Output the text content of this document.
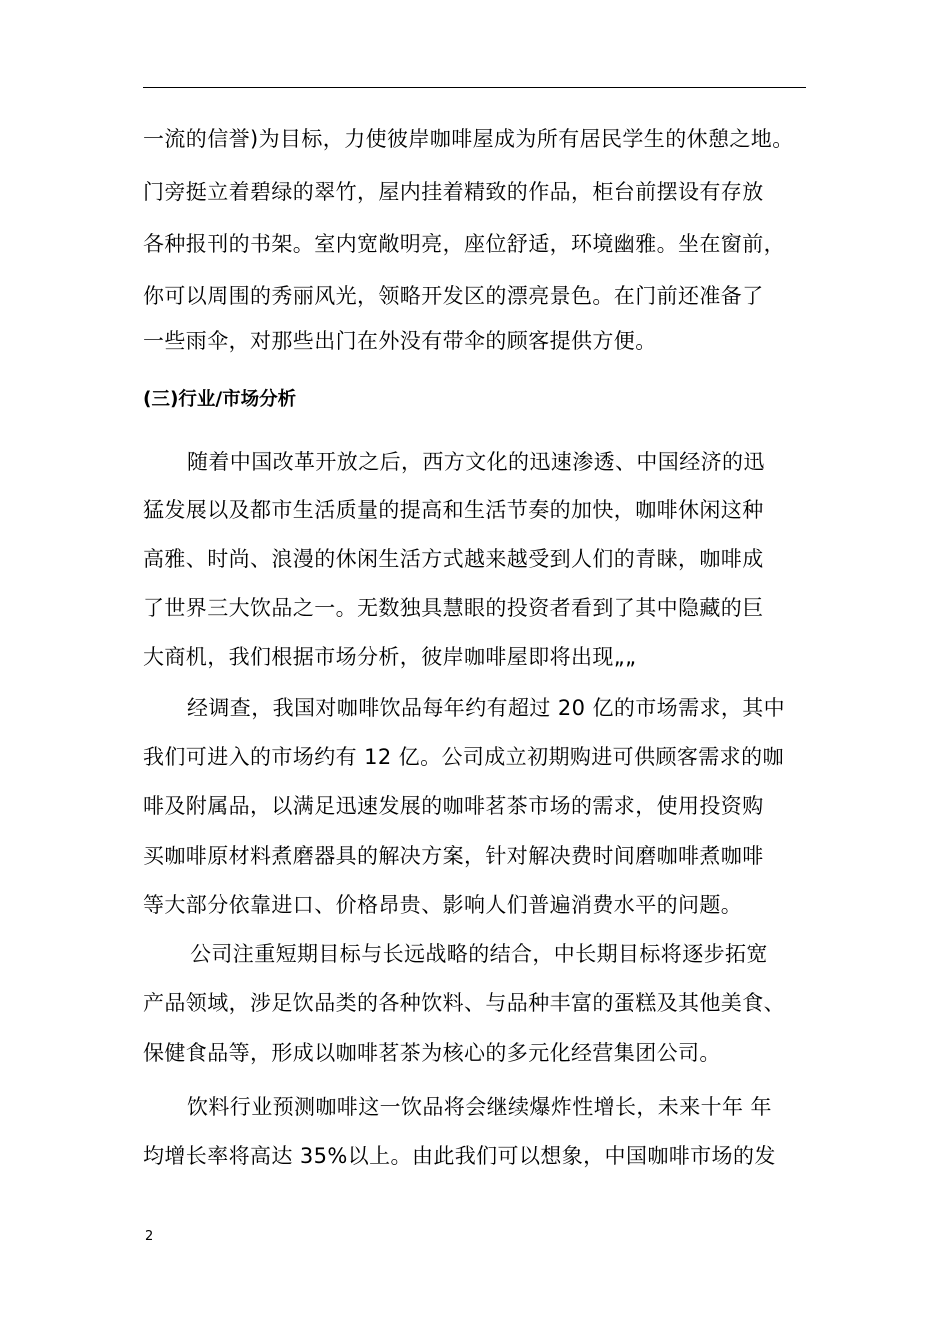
一流的信誉)为目标，力使彼岸咖啡屋成为所有居民学生的休憩之地。
门旁挺立着碧绿的翠竹，屋内挂着精致的作品，柜台前摆设有存放
各种报刊的书架。室内宽敞明亮，座位舒适，环境幽雅。坐在窗前，
你可以周围的秀丽风光，领略开发区的漂亮景色。在门前还准备了
一些雨伞，对那些出门在外没有带伞的顾客提供方便。
(三)行业/市场分析
随着中国改革开放之后，西方文化的迅速渗透、中国经济的迅
猛发展以及都市生活质量的提高和生活节奏的加快，咖啡休闲这种
高雅、时尚、浪漫的休闲生活方式越来越受到人们的青睐，咖啡成
了世界三大饮品之一。无数独具慧眼的投资者看到了其中隐藏的巨
大商机，我们根据市场分析，彼岸咖啡屋即将出现„„
经调查，我国对咖啡饮品每年约有超过 20 亿的市场需求，其中
我们可进入的市场约有 12 亿。公司成立初期购进可供顾客需求的咖
啡及附属品，以满足迅速发展的咖啡茗茶市场的需求，使用投资购
买咖啡原材料煮磨器具的解决方案，针对解决费时间磨咖啡煮咖啡
等大部分依靠进口、价格昂贵、影响人们普遍消费水平的问题。
公司注重短期目标与长远战略的结合，中长期目标将逐步拓宽
产品领域，涉足饮品类的各种饮料、与品种丰富的蛋糕及其他美食、
保健食品等，形成以咖啡茗茶为核心的多元化经营集团公司。
饮料行业预测咖啡这一饮品将会继续爆炸性增长，未来十年 年
均增长率将高达 35%以上。由此我们可以想象，中国咖啡市场的发
2
